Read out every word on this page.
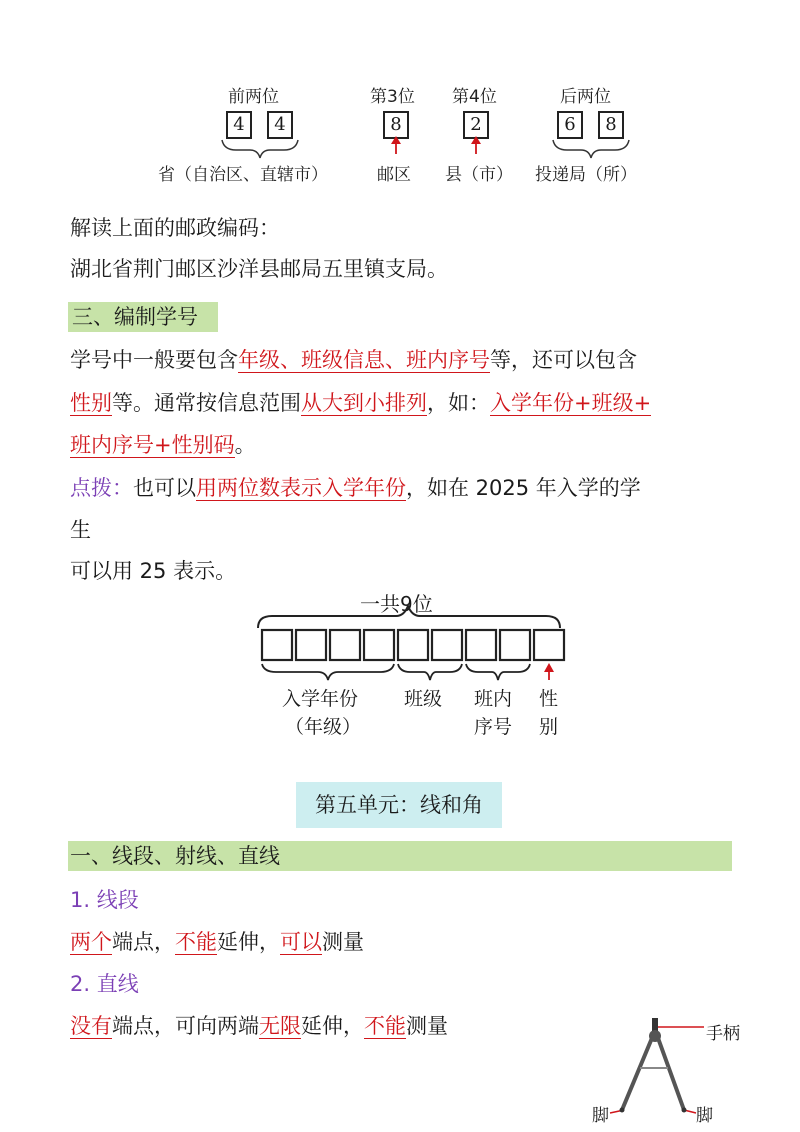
前两位	第3位 第4位	后两位
4	4	8	2	6	8
省（自治区、直辖市）	邮区 县（市） 投递局（所）
解读上面的邮政编码：
湖北省荆门邮区沙洋县邮局五里镇支局。
三、编制学号
学号中一般要包含年级、班级信息、班内序号等，还可以包含
性别等。通常按信息范围从大到小排列，如：入学年份+班级+
班内序号+性别码。
点拨：也可以用两位数表示入学年份，如在 2025 年入学的学
生
可以用 25 表示。
一共9位
入学年份
（年级）
班级 班内
序号
性
别
第五单元：线和角
一、线段、射线、直线
1. 线段
两个端点，不能延伸，可以测量
2. 直线
没有端点，可向两端无限延伸，不能测量	手柄
脚	脚
